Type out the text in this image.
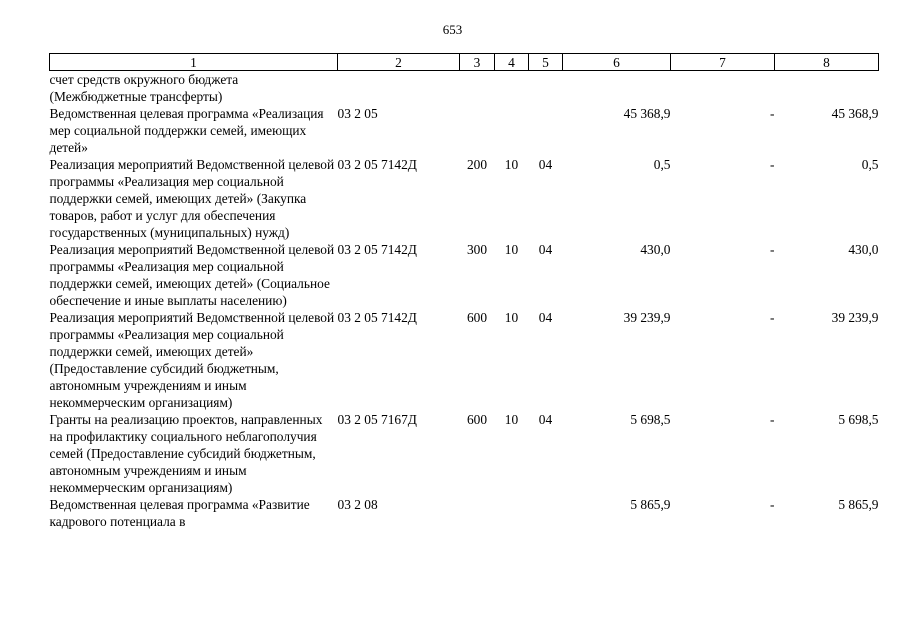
653
1	2	3	4	5	6	7	8
счет средств окружного бюджета (Межбюджетные трансферты)							
Ведомственная целевая программа «Реализация мер социальной поддержки семей, имеющих детей»	03 2 05				45 368,9	-	45 368,9
Реализация мероприятий Ведомственной целевой программы «Реализация мер социальной поддержки семей, имеющих детей» (Закупка товаров, работ и услуг для обеспечения государственных (муниципальных) нужд)	03 2 05 7142Д	200	10	04	0,5	-	0,5
Реализация мероприятий Ведомственной целевой программы «Реализация мер социальной поддержки семей, имеющих детей» (Социальное обеспечение и иные выплаты населению)	03 2 05 7142Д	300	10	04	430,0	-	430,0
Реализация мероприятий Ведомственной целевой программы «Реализация мер социальной поддержки семей, имеющих детей» (Предоставление субсидий бюджетным, автономным учреждениям и иным некоммерческим организациям)	03 2 05 7142Д	600	10	04	39 239,9	-	39 239,9
Гранты на реализацию проектов, направленных на профилактику социального неблагополучия семей (Предоставление субсидий бюджетным, автономным учреждениям и иным некоммерческим организациям)	03 2 05 7167Д	600	10	04	5 698,5	-	5 698,5
Ведомственная целевая программа «Развитие кадрового потенциала в	03 2 08				5 865,9	-	5 865,9
